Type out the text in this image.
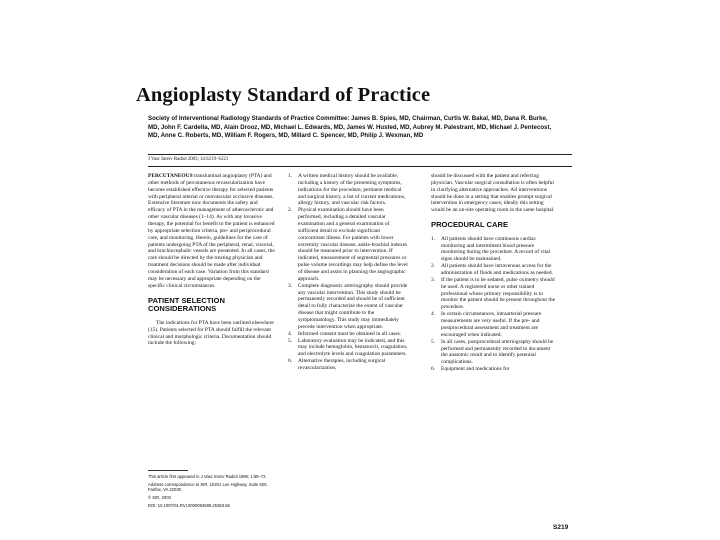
Angioplasty Standard of Practice
Society of Interventional Radiology Standards of Practice Committee: James B. Spies, MD, Chairman, Curtis W. Bakal, MD, Dana R. Burke, MD, John F. Cardella, MD, Alain Drooz, MD, Michael L. Edwards, MD, James W. Husted, MD, Aubrey M. Palestrant, MD, Michael J. Pentecost, MD, Anne C. Roberts, MD, William F. Rogers, MD, Millard C. Spencer, MD, Philip J. Wexman, MD
J Vasc Interv Radiol 2003; 14:S219–S221

PERCUTANEOUS transluminal angioplasty (PTA) and other methods of percutaneous revascularization have become established effective therapy for selected patients with peripheral arterial or nonvascular occlusive diseases. Extensive literature now documents the safety and efficacy of PTA in the management of atherosclerotic and other vascular diseases (1–14). As with any invasive therapy, the potential for benefit to the patient is enhanced by appropriate selection criteria, pre- and periprocedural care, and monitoring. Herein, guidelines for the care of patients undergoing PTA of the peripheral, renal, visceral, and brachiocephalic vessels are presented. In all cases, the care should be directed by the treating physician and treatment decisions should be made after individual consideration of each case. Variation from this standard may be necessary and appropriate depending on the specific clinical circumstances.

PATIENT SELECTION CONSIDERATIONS

The indications for PTA have been outlined elsewhere (15). Patients selected for PTA should fulfill the relevant clinical and morphologic criteria. Documentation should include the following:

This article first appeared in J Vasc Interv Radiol 1990; 1:69–72.

Address correspondence to SIR, 10201 Lee Highway, Suite 500, Fairfax, VA 22030.

© SIR, 2003

DOI: 10.1097/01.RVI.0000094589.25363.56

1. A written medical history should be available, including a history of the presenting symptoms, indications for the procedure, pertinent medical and surgical history, a list of current medications, allergy history, and vascular risk factors.
2. Physical examination should have been performed, including a detailed vascular examination and a general examination of sufficient detail to exclude significant concomitant illness. For patients with lower extremity vascular disease, ankle-brachial indexes should be measured prior to intervention. If indicated, measurement of segmental pressures or pulse volume recordings may help define the level of disease and assist in planning the angiographic approach.
3. Complete diagnostic arteriography should provide any vascular intervention. This study should be permanently recorded and should be of sufficient detail to fully characterize the extent of vascular disease that might contribute to the symptomatology. This study may immediately precede intervention when appropriate.
4. Informed consent must be obtained in all cases.
5. Laboratory evaluation may be indicated, and this may include hemoglobin, hematocrit, coagulation, and electrolyte levels and coagulation parameters.
6. Alternative therapies, including surgical revascularization,

should be discussed with the patient and referring physician. Vascular surgical consultation is often helpful in clarifying alternative approaches. All interventions should be done in a setting that enables prompt surgical intervention in emergency cases; ideally this setting would be an on-site operating room in the same hospital.

PROCEDURAL CARE
1. All patients should have continuous cardiac monitoring and intermittent blood pressure monitoring during the procedure. A record of vital signs should be maintained.
2. All patients should have intravenous access for the administration of fluids and medications as needed.
3. If the patient is to be sedated, pulse oximetry should be used. A registered nurse or other trained professional whose primary responsibility is to monitor the patient should be present throughout the procedure.
4. In certain circumstances, intraarterial pressure measurements are very useful. If the pre- and postprocedural assessment and treatment are encouraged when indicated.
5. In all cases, postprocedural arteriography should be performed and permanently recorded to document the anatomic result and to identify potential complications.
6. Equipment and medications for
S219
